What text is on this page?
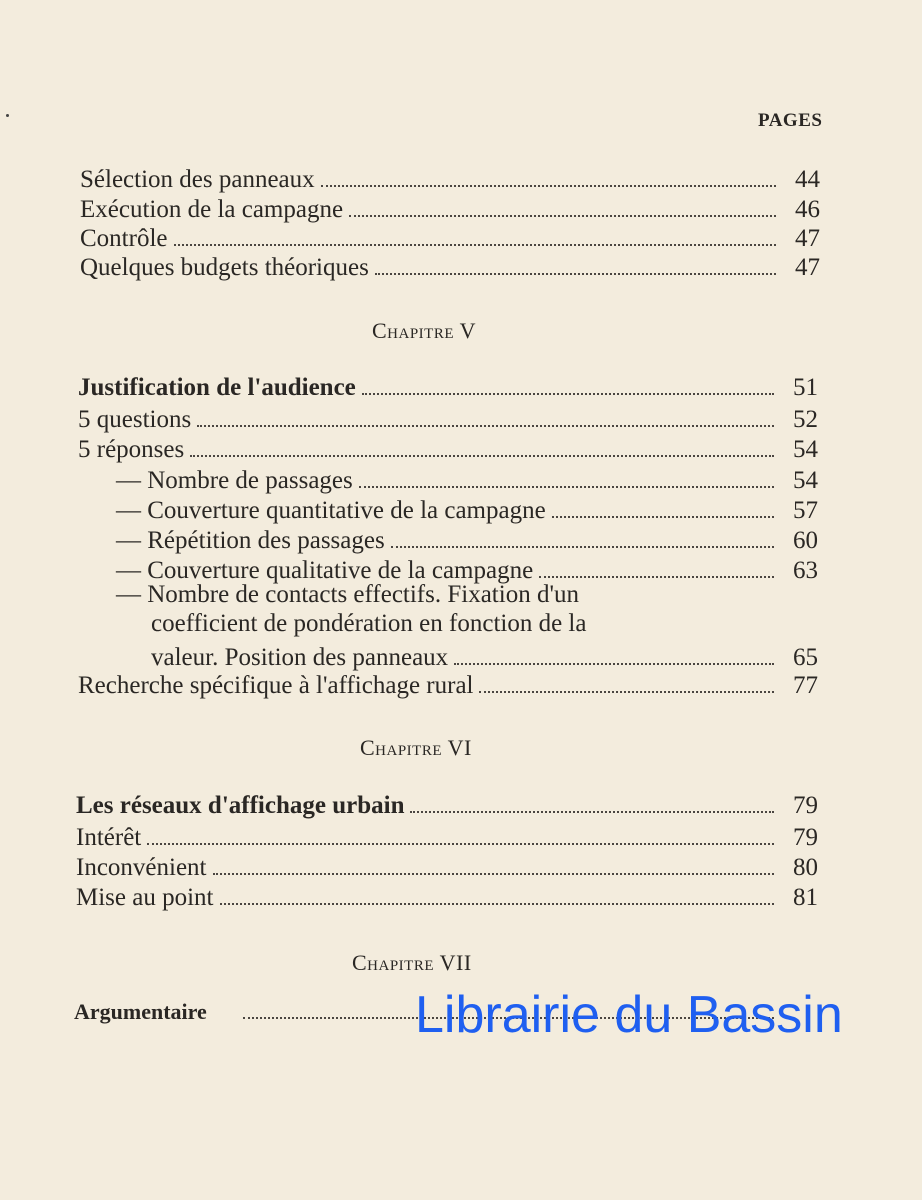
PAGES
Sélection des panneaux	44
Exécution de la campagne	46
Contrôle	47
Quelques budgets théoriques	47
Chapitre V
Justification de l'audience	51
5 questions	52
5 réponses	54
— Nombre de passages	54
— Couverture quantitative de la campagne	57
— Répétition des passages	60
— Couverture qualitative de la campagne	63
— Nombre de contacts effectifs. Fixation d'un
coefficient de pondération en fonction de la
valeur. Position des panneaux	65
Recherche spécifique à l'affichage rural	77
Chapitre VI
Les réseaux d'affichage urbain	79
Intérêt	79
Inconvénient	80
Mise au point	81
Chapitre VII
Argumentaire	Librairie du Bassin
